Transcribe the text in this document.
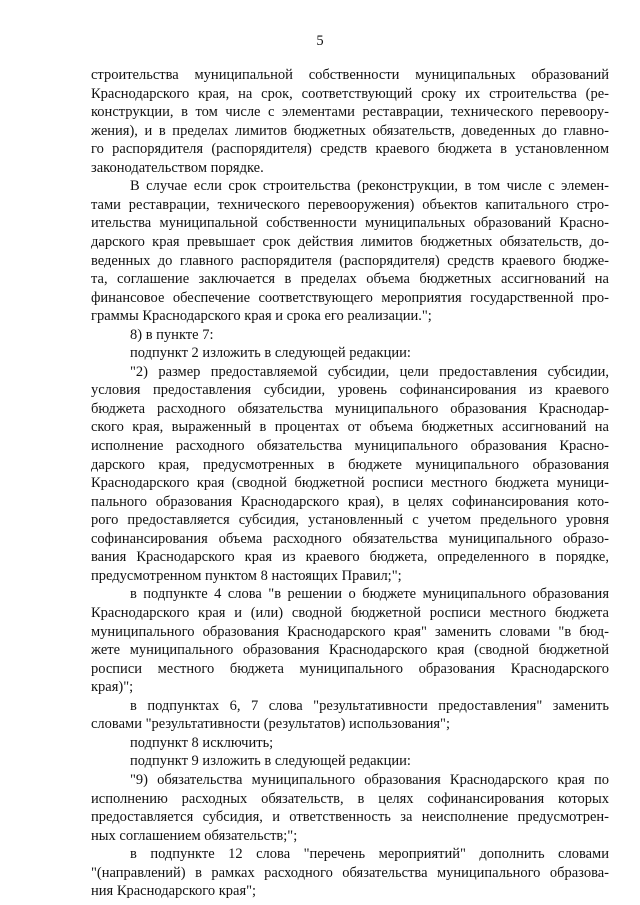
5
строительства муниципальной собственности муниципальных образований
Краснодарского края, на срок, соответствующий сроку их строительства (ре-
конструкции, в том числе с элементами реставрации, технического перевоору-
жения), и в пределах лимитов бюджетных обязательств, доведенных до главно-
го распорядителя (распорядителя) средств краевого бюджета в установленном
законодательством порядке.
В случае если срок строительства (реконструкции, в том числе с элемен-
тами реставрации, технического перевооружения) объектов капитального стро-
ительства муниципальной собственности муниципальных образований Красно-
дарского края превышает срок действия лимитов бюджетных обязательств, до-
веденных до главного распорядителя (распорядителя) средств краевого бюдже-
та, соглашение заключается в пределах объема бюджетных ассигнований на
финансовое обеспечение соответствующего мероприятия государственной про-
граммы Краснодарского края и срока его реализации.";
8) в пункте 7:
подпункт 2 изложить в следующей редакции:
"2) размер предоставляемой субсидии, цели предоставления субсидии,
условия предоставления субсидии, уровень софинансирования из краевого
бюджета расходного обязательства муниципального образования Краснодар-
ского края, выраженный в процентах от объема бюджетных ассигнований на
исполнение расходного обязательства муниципального образования Красно-
дарского края, предусмотренных в бюджете муниципального образования
Краснодарского края (сводной бюджетной росписи местного бюджета муници-
пального образования Краснодарского края), в целях софинансирования кото-
рого предоставляется субсидия, установленный с учетом предельного уровня
софинансирования объема расходного обязательства муниципального образо-
вания Краснодарского края из краевого бюджета, определенного в порядке,
предусмотренном пунктом 8 настоящих Правил;";
в подпункте 4 слова "в решении о бюджете муниципального образования
Краснодарского края и (или) сводной бюджетной росписи местного бюджета
муниципального образования Краснодарского края" заменить словами "в бюд-
жете муниципального образования Краснодарского края (сводной бюджетной
росписи местного бюджета муниципального образования Краснодарского
края)";
в подпунктах 6, 7 слова "результативности предоставления" заменить
словами "результативности (результатов) использования";
подпункт 8 исключить;
подпункт 9 изложить в следующей редакции:
"9) обязательства муниципального образования Краснодарского края по
исполнению расходных обязательств, в целях софинансирования которых
предоставляется субсидия, и ответственность за неисполнение предусмотрен-
ных соглашением обязательств;";
в подпункте 12 слова "перечень мероприятий" дополнить словами
"(направлений) в рамках расходного обязательства муниципального образова-
ния Краснодарского края";
